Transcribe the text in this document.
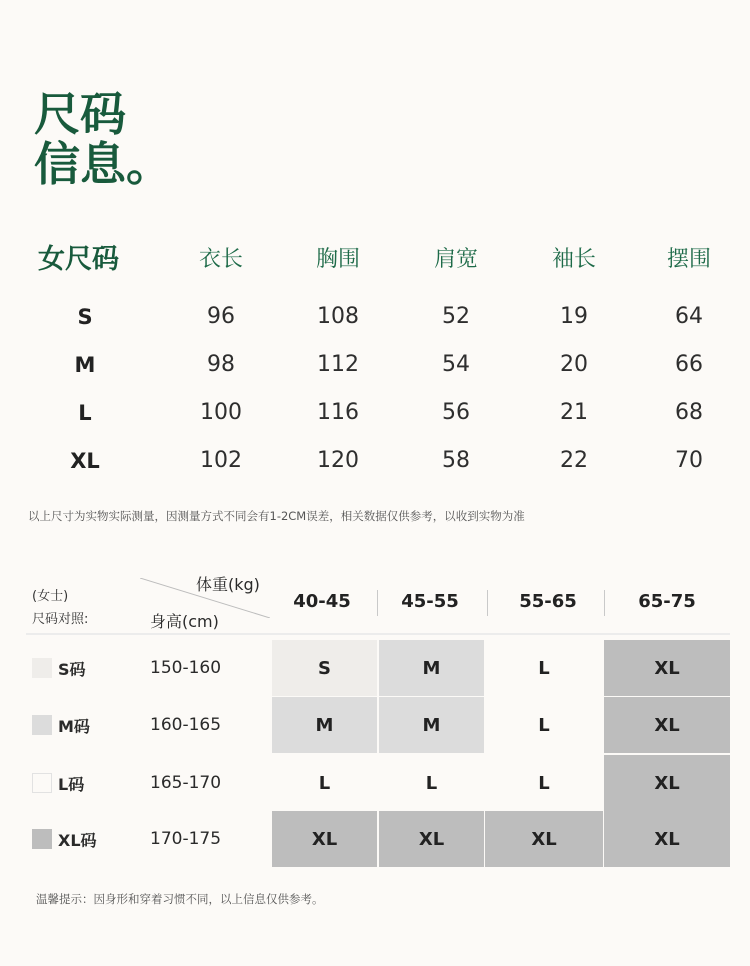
尺码
信息。
女尺码	衣长	胸围	肩宽	袖长	摆围
S	96	108	52	19	64
M	98	112	54	20	66
L	100	116	56	21	68
XL	102	120	58	22	70
以上尺寸为实物实际测量，因测量方式不同会有1-2CM误差，相关数据仅供参考，以收到实物为准
(女士)
尺码对照:
体重(kg)
身高(cm)
40-45	45-55	55-65	65-75
S码	150-160	S	M	L	XL
M码	160-165	M	M	L	XL
L码	165-170	L	L	L	XL
XL码	170-175	XL	XL	XL	XL
温馨提示：因身形和穿着习惯不同，以上信息仅供参考。
